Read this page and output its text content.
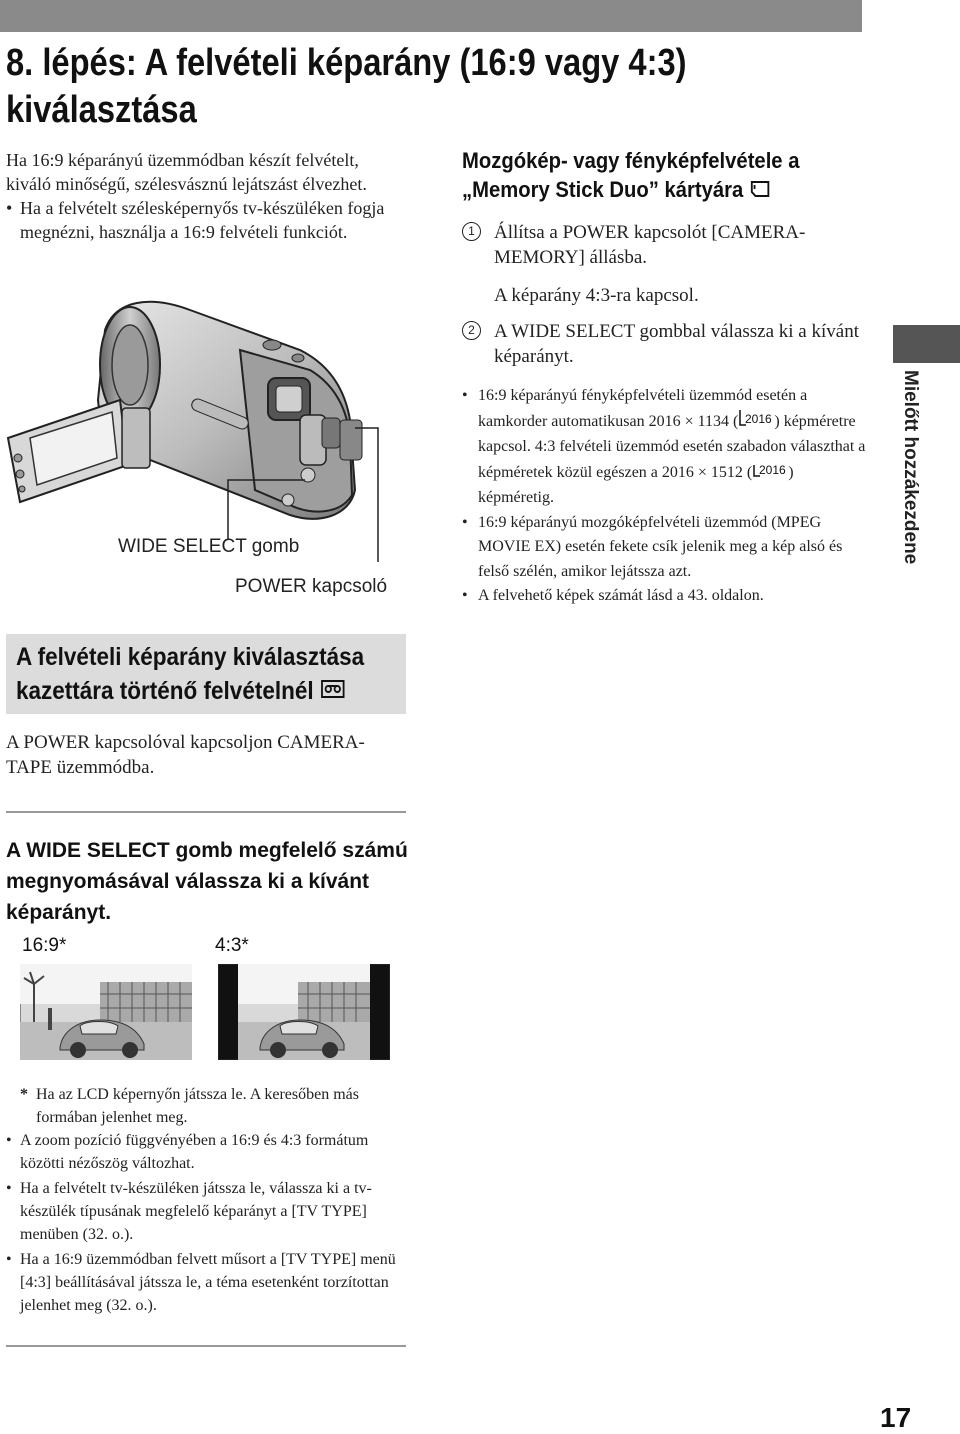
8. lépés: A felvételi képarány (16:9 vagy 4:3)
kiválasztása
Ha 16:9 képarányú üzemmódban készít felvételt, kiváló minőségű, szélesvásznú lejátszást élvezhet.
• Ha a felvételt szélesképernyős tv-készüléken fogja megnézni, használja a 16:9 felvételi funkciót.
WIDE SELECT gomb
POWER kapcsoló
Mozgókép- vagy fényképfelvétele a
„Memory Stick Duo” kártyára
1	Állítsa a POWER kapcsolót [CAMERA-MEMORY] állásba.
A képarány 4:3-ra kapcsol.
2	A WIDE SELECT gombbal válassza ki a kívánt képarányt.
• 16:9 képarányú fényképfelvételi üzemmód esetén a kamkorder automatikusan 2016 × 1134 ( 2016 ) képméretre kapcsol. 4:3 felvételi üzemmód esetén szabadon választhat a képméretek közül egészen a 2016 × 1512 ( 2016 ) képméretig.
• 16:9 képarányú mozgóképfelvételi üzemmód (MPEG MOVIE EX) esetén fekete csík jelenik meg a kép alsó és felső szélén, amikor lejátssza azt.
• A felvehető képek számát lásd a 43. oldalon.
Mielőtt hozzákezdene
A felvételi képarány kiválasztása
kazettára történő felvételnél
A POWER kapcsolóval kapcsoljon CAMERA-TAPE üzemmódba.
A WIDE SELECT gomb megfelelő számú megnyomásával válassza ki a kívánt képarányt.
16:9*	4:3*
* Ha az LCD képernyőn játssza le. A keresőben más formában jelenhet meg.
• A zoom pozíció függvényében a 16:9 és 4:3 formátum közötti nézőszög változhat.
• Ha a felvételt tv-készüléken játssza le, válassza ki a tv-készülék típusának megfelelő képarányt a [TV TYPE] menüben (32. o.).
• Ha a 16:9 üzemmódban felvett műsort a [TV TYPE] menü [4:3] beállításával játssza le, a téma esetenként torzítottan jelenhet meg (32. o.).
17
